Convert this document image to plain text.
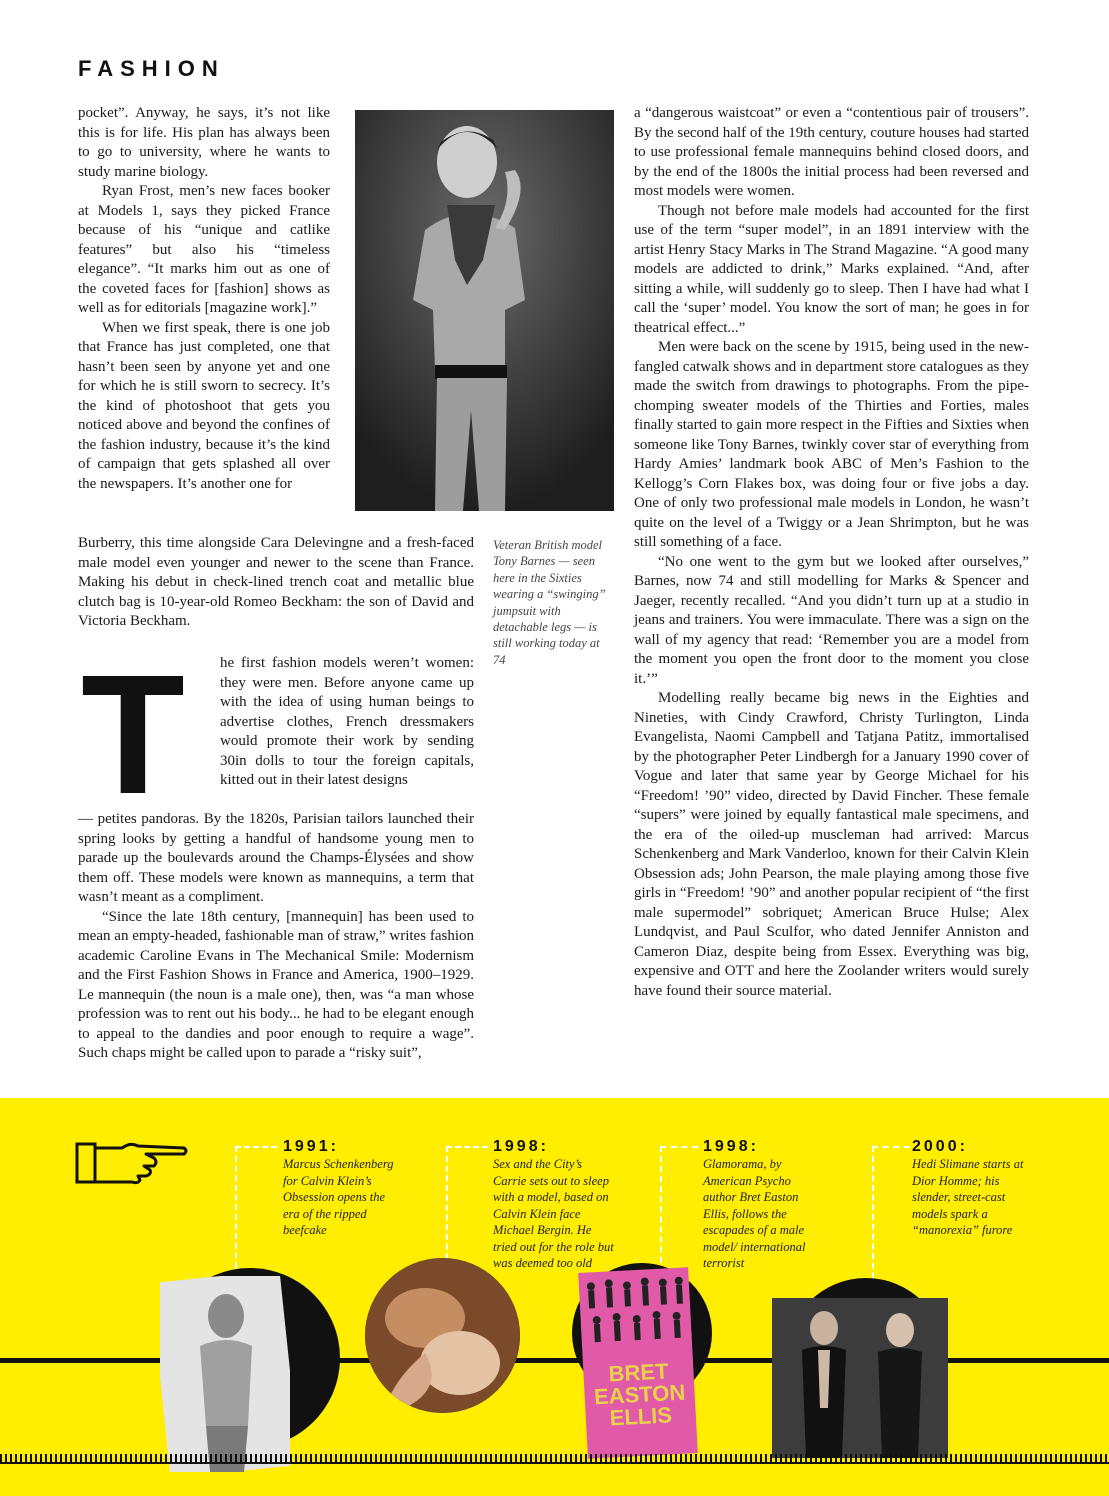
FASHION

pocket”. Anyway, he says, it’s not like this is for life. His plan has always been to go to university, where he wants to study marine biology.

Ryan Frost, men’s new faces booker at Models 1, says they picked France because of his “unique and catlike features” but also his “timeless elegance”. “It marks him out as one of the coveted faces for [fashion] shows as well as for editorials [magazine work].”

When we first speak, there is one job that France has just completed, one that hasn’t been seen by anyone yet and one for which he is still sworn to secrecy. It’s the kind of photoshoot that gets you noticed above and beyond the confines of the fashion industry, because it’s the kind of campaign that gets splashed all over the newspapers. It’s another one for

Veteran British model Tony Barnes — seen here in the Sixties wearing a “swinging” jumpsuit with detachable legs — is still working today at 74

Burberry, this time alongside Cara Delevingne and a fresh-faced male model even younger and newer to the scene than France. Making his debut in check-lined trench coat and metallic blue clutch bag is 10-year-old Romeo Beckham: the son of David and Victoria Beckham.

T he first fashion models weren’t women: they were men. Before anyone came up with the idea of using human beings to advertise clothes, French dressmakers would promote their work by sending 30in dolls to tour the foreign capitals, kitted out in their latest designs

— petites pandoras. By the 1820s, Parisian tailors launched their spring looks by getting a handful of handsome young men to parade up the boulevards around the Champs-Élysées and show them off. These models were known as mannequins, a term that wasn’t meant as a compliment.

“Since the late 18th century, [mannequin] has been used to mean an empty-headed, fashionable man of straw,” writes fashion academic Caroline Evans in The Mechanical Smile: Modernism and the First Fashion Shows in France and America, 1900–1929. Le mannequin (the noun is a male one), then, was “a man whose profession was to rent out his body... he had to be elegant enough to appeal to the dandies and poor enough to require a wage”. Such chaps might be called upon to parade a “risky suit”,

a “dangerous waistcoat” or even a “contentious pair of trousers”. By the second half of the 19th century, couture houses had started to use professional female mannequins behind closed doors, and by the end of the 1800s the initial process had been reversed and most models were women.

Though not before male models had accounted for the first use of the term “super model”, in an 1891 interview with the artist Henry Stacy Marks in The Strand Magazine. “A good many models are addicted to drink,” Marks explained. “And, after sitting a while, will suddenly go to sleep. Then I have had what I call the ‘super’ model. You know the sort of man; he goes in for theatrical effect...”

Men were back on the scene by 1915, being used in the new-fangled catwalk shows and in department store catalogues as they made the switch from drawings to photographs. From the pipe-chomping sweater models of the Thirties and Forties, males finally started to gain more respect in the Fifties and Sixties when someone like Tony Barnes, twinkly cover star of everything from Hardy Amies’ landmark book ABC of Men’s Fashion to the Kellogg’s Corn Flakes box, was doing four or five jobs a day. One of only two professional male models in London, he wasn’t quite on the level of a Twiggy or a Jean Shrimpton, but he was still something of a face.

“No one went to the gym but we looked after ourselves,” Barnes, now 74 and still modelling for Marks & Spencer and Jaeger, recently recalled. “And you didn’t turn up at a studio in jeans and trainers. You were immaculate. There was a sign on the wall of my agency that read: ‘Remember you are a model from the moment you open the front door to the moment you close it.’”

Modelling really became big news in the Eighties and Nineties, with Cindy Crawford, Christy Turlington, Linda Evangelista, Naomi Campbell and Tatjana Patitz, immortalised by the photographer Peter Lindbergh for a January 1990 cover of Vogue and later that same year by George Michael for his “Freedom! ’90” video, directed by David Fincher. These female “supers” were joined by equally fantastical male specimens, and the era of the oiled-up muscleman had arrived: Marcus Schenkenberg and Mark Vanderloo, known for their Calvin Klein Obsession ads; John Pearson, the male playing among those five girls in “Freedom! ’90” and another popular recipient of “the first male supermodel” sobriquet; American Bruce Hulse; Alex Lundqvist, and Paul Sculfor, who dated Jennifer Anniston and Cameron Diaz, despite being from Essex. Everything was big, expensive and OTT and here the Zoolander writers would surely have found their source material.

1991:
Marcus Schenkenberg for Calvin Klein’s Obsession opens the era of the ripped beefcake
1998:
Sex and the City’s Carrie sets out to sleep with a model, based on Calvin Klein face Michael Bergin. He tried out for the role but was deemed too old
1998:
Glamorama, by American Psycho author Bret Easton Ellis, follows the escapades of a male model/ international terrorist
2000:
Hedi Slimane starts at Dior Homme; his slender, street-cast models spark a “manorexia” furore
BRET EASTON ELLIS
